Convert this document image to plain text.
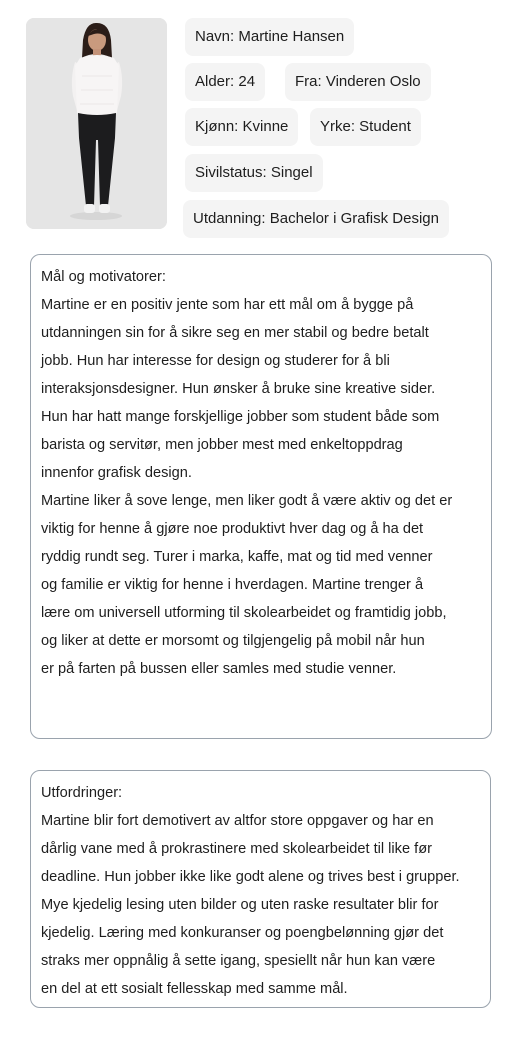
Navn: Martine Hansen
Alder: 24	Fra: Vinderen Oslo
Kjønn: Kvinne	Yrke: Student
Sivilstatus: Singel
Utdanning: Bachelor i Grafisk Design
Mål og motivatorer:
Martine er en positiv jente som har ett mål om å bygge på
utdanningen sin for å sikre seg en mer stabil og bedre betalt
jobb. Hun har interesse for design og studerer for å bli
interaksjonsdesigner. Hun ønsker å bruke sine kreative sider.
Hun har hatt mange forskjellige jobber som student både som
barista og servitør, men jobber mest med enkeltoppdrag
innenfor grafisk design.
Martine liker å sove lenge, men liker godt å være aktiv og det er
viktig for henne å gjøre noe produktivt hver dag og å ha det
ryddig rundt seg. Turer i marka, kaffe, mat og tid med venner
og familie er viktig for henne i hverdagen. Martine trenger å
lære om universell utforming til skolearbeidet og framtidig jobb,
og liker at dette er morsomt og tilgjengelig på mobil når hun
er på farten på bussen eller samles med studie venner.
Utfordringer:
Martine blir fort demotivert av altfor store oppgaver og har en
dårlig vane med å prokrastinere med skolearbeidet til like før
deadline. Hun jobber ikke like godt alene og trives best i grupper.
Mye kjedelig lesing uten bilder og uten raske resultater blir for
kjedelig. Læring med konkuranser og poengbelønning gjør det
straks mer oppnålig å sette igang, spesiellt når hun kan være
en del at ett sosialt fellesskap med samme mål.
